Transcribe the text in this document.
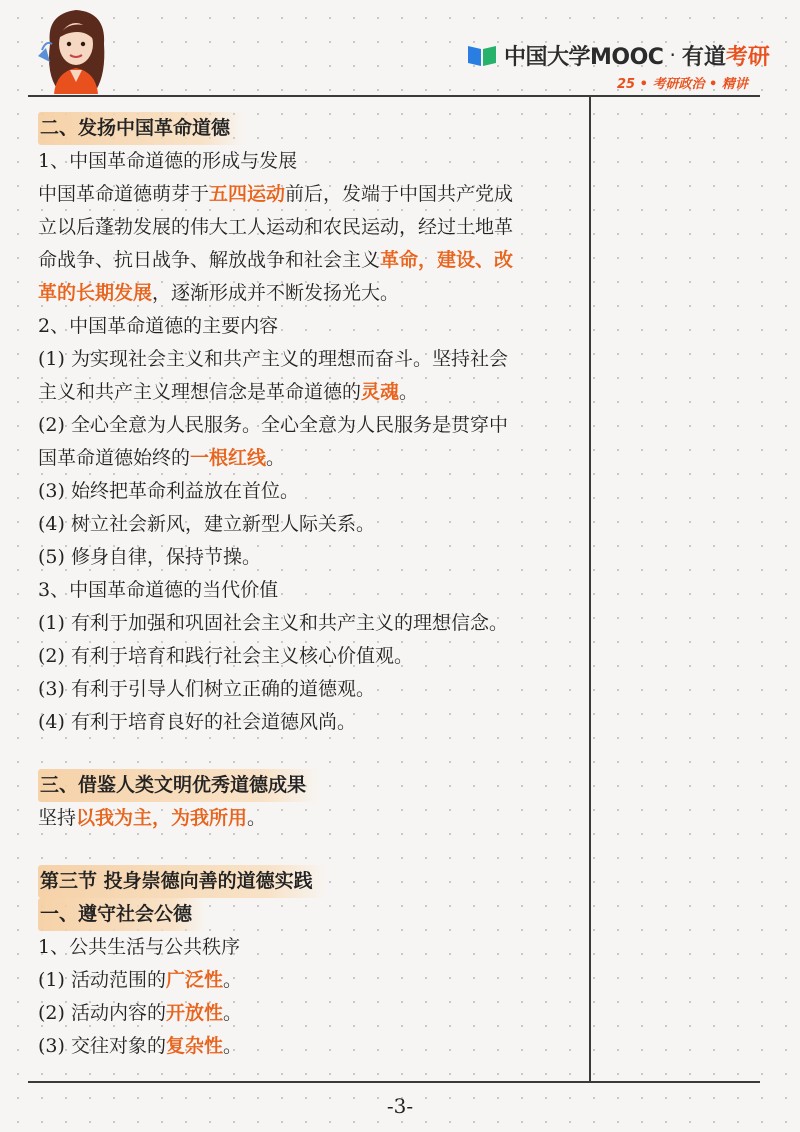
中国大学MOOC · 有道 考研
25 • 考研政治 • 精讲
二、发扬中国革命道德
1、中国革命道德的形成与发展
中国革命道德萌芽于五四运动前后，发端于中国共产党成
立以后蓬勃发展的伟大工人运动和农民运动，经过土地革
命战争、抗日战争、解放战争和社会主义革命，建设、改
革的长期发展，逐渐形成并不断发扬光大。
2、中国革命道德的主要内容
(1) 为实现社会主义和共产主义的理想而奋斗。坚持社会
主义和共产主义理想信念是革命道德的灵魂。
(2) 全心全意为人民服务。全心全意为人民服务是贯穿中
国革命道德始终的一根红线。
(3) 始终把革命利益放在首位。
(4) 树立社会新风，建立新型人际关系。
(5) 修身自律，保持节操。
3、中国革命道德的当代价值
(1) 有利于加强和巩固社会主义和共产主义的理想信念。
(2) 有利于培育和践行社会主义核心价值观。
(3) 有利于引导人们树立正确的道德观。
(4) 有利于培育良好的社会道德风尚。
三、借鉴人类文明优秀道德成果
坚持以我为主，为我所用。
第三节 投身崇德向善的道德实践
一、遵守社会公德
1、公共生活与公共秩序
(1) 活动范围的广泛性。
(2) 活动内容的开放性。
(3) 交往对象的复杂性。
-3-
